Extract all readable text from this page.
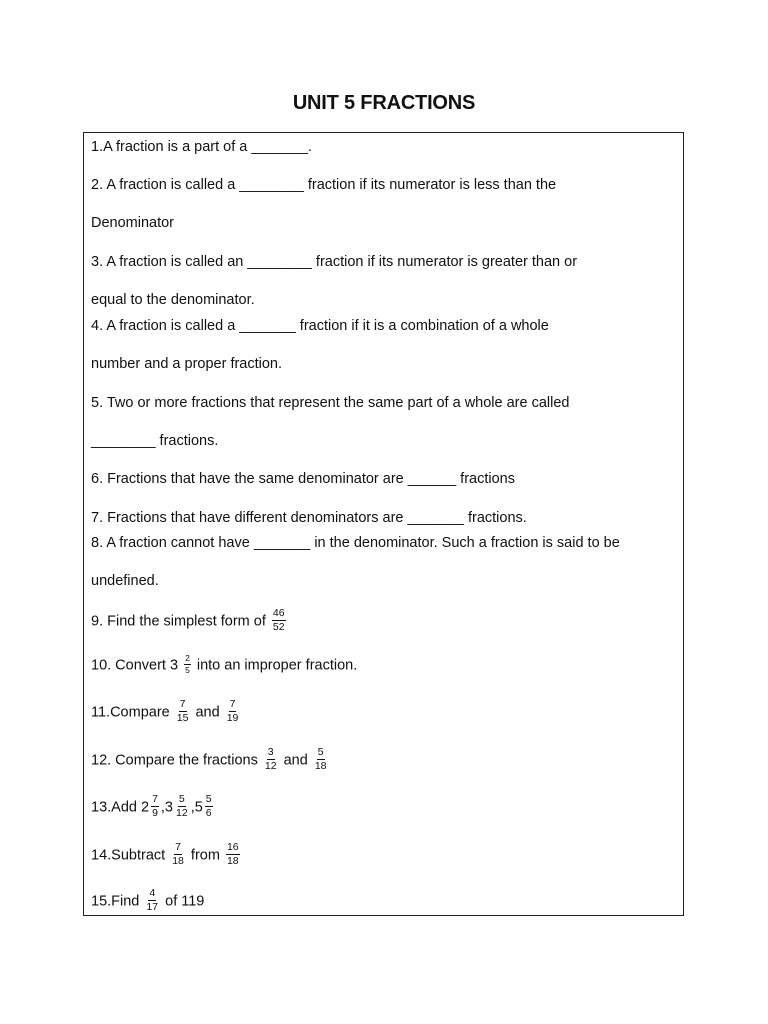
UNIT 5 FRACTIONS
1.A fraction is a part of a _______.
2. A fraction is called a ________ fraction if its numerator is less than the
Denominator
3. A fraction is called an ________ fraction if its numerator is greater than or
equal to the denominator.
4. A fraction is called a _______ fraction if it is a combination of a whole
number and a proper fraction.
5. Two or more fractions that represent the same part of a whole are called
________ fractions.
6. Fractions that have the same denominator are ______ fractions
7. Fractions that have different denominators are _______ fractions.
8. A fraction cannot have _______ in the denominator. Such a fraction is said to be
undefined.
9. Find the simplest form of $\frac{46}{52}$
10. Convert $3 \frac{2}{5}$ into an improper fraction.
11.Compare $\frac{7}{15}$ and $\frac{7}{19}$
12. Compare the fractions $\frac{3}{12}$ and $\frac{5}{18}$
13.Add $2 \frac{7}{9} ,3 \frac{5}{12} ,5 \frac{5}{6}$
14.Subtract $\frac{7}{18}$ from $\frac{16}{18}$
15.Find $\frac{4}{17}$ of 119
